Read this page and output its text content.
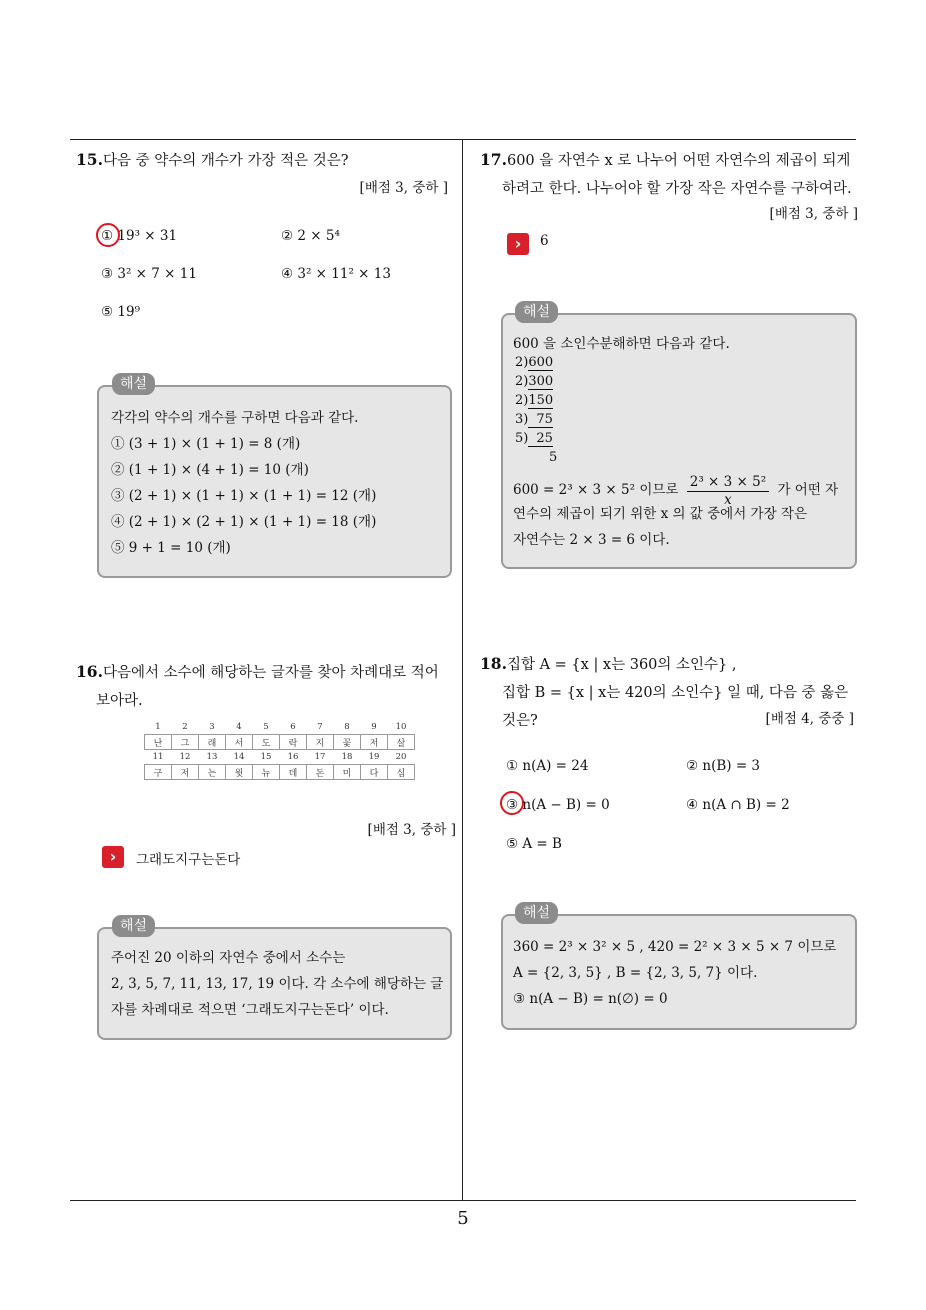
15.다음 중 약수의 개수가 가장 적은 것은?
[배점 3, 중하 ]
① 19³ × 31	② 2 × 5⁴
③ 3² × 7 × 11	④ 3² × 11² × 13
⑤ 19⁹
각각의 약수의 개수를 구하면 다음과 같다.
① (3 + 1) × (1 + 1) = 8 (개)
② (1 + 1) × (4 + 1) = 10 (개)
③ (2 + 1) × (1 + 1) × (1 + 1) = 12 (개)
④ (2 + 1) × (2 + 1) × (1 + 1) = 18 (개)
⑤ 9 + 1 = 10 (개)
해설
16.다음에서 소수에 해당하는 글자를 찾아 차례대로 적어
보아라.
1	2	3	4	5	6	7	8	9	10
난	그	래	서	도	락	지	꽃	저	살
11	12	13	14	15	16	17	18	19	20
구	저	는	윗	뉴	데	돈	미	다	심
[배점 3, 중하 ]
›	그래도지구는돈다
주어진 20 이하의 자연수 중에서 소수는
2, 3, 5, 7, 11, 13, 17, 19 이다. 각 소수에 해당하는 글
자를 차례대로 적으면 ‘그래도지구는돈다’ 이다.
해설
17.600 을 자연수 x 로 나누어 어떤 자연수의 제곱이 되게
하려고 한다. 나누어야 할 가장 작은 자연수를 구하여라.
[배점 3, 중하 ]
›	6
600 을 소인수분해하면 다음과 같다.
2)600
2)300
2)150
3) 75
5) 25
5
600 = 2³ × 3 × 5² 이므로 $\frac{\text{2³ × 3 × 5²}}{x}$ 가 어떤 자
연수의 제곱이 되기 위한 x 의 값 중에서 가장 작은
자연수는 2 × 3 = 6 이다.
해설
18.집합 A = {x | x는 360의 소인수} ,
집합 B = {x | x는 420의 소인수} 일 때, 다음 중 옳은
것은?	[배점 4, 중중 ]
① n(A) = 24	② n(B) = 3
③ n(A − B) = 0	④ n(A ∩ B) = 2
⑤ A = B
360 = 2³ × 3² × 5 , 420 = 2² × 3 × 5 × 7 이므로
A = {2, 3, 5} , B = {2, 3, 5, 7} 이다.
③ n(A − B) = n(∅) = 0
해설
5
